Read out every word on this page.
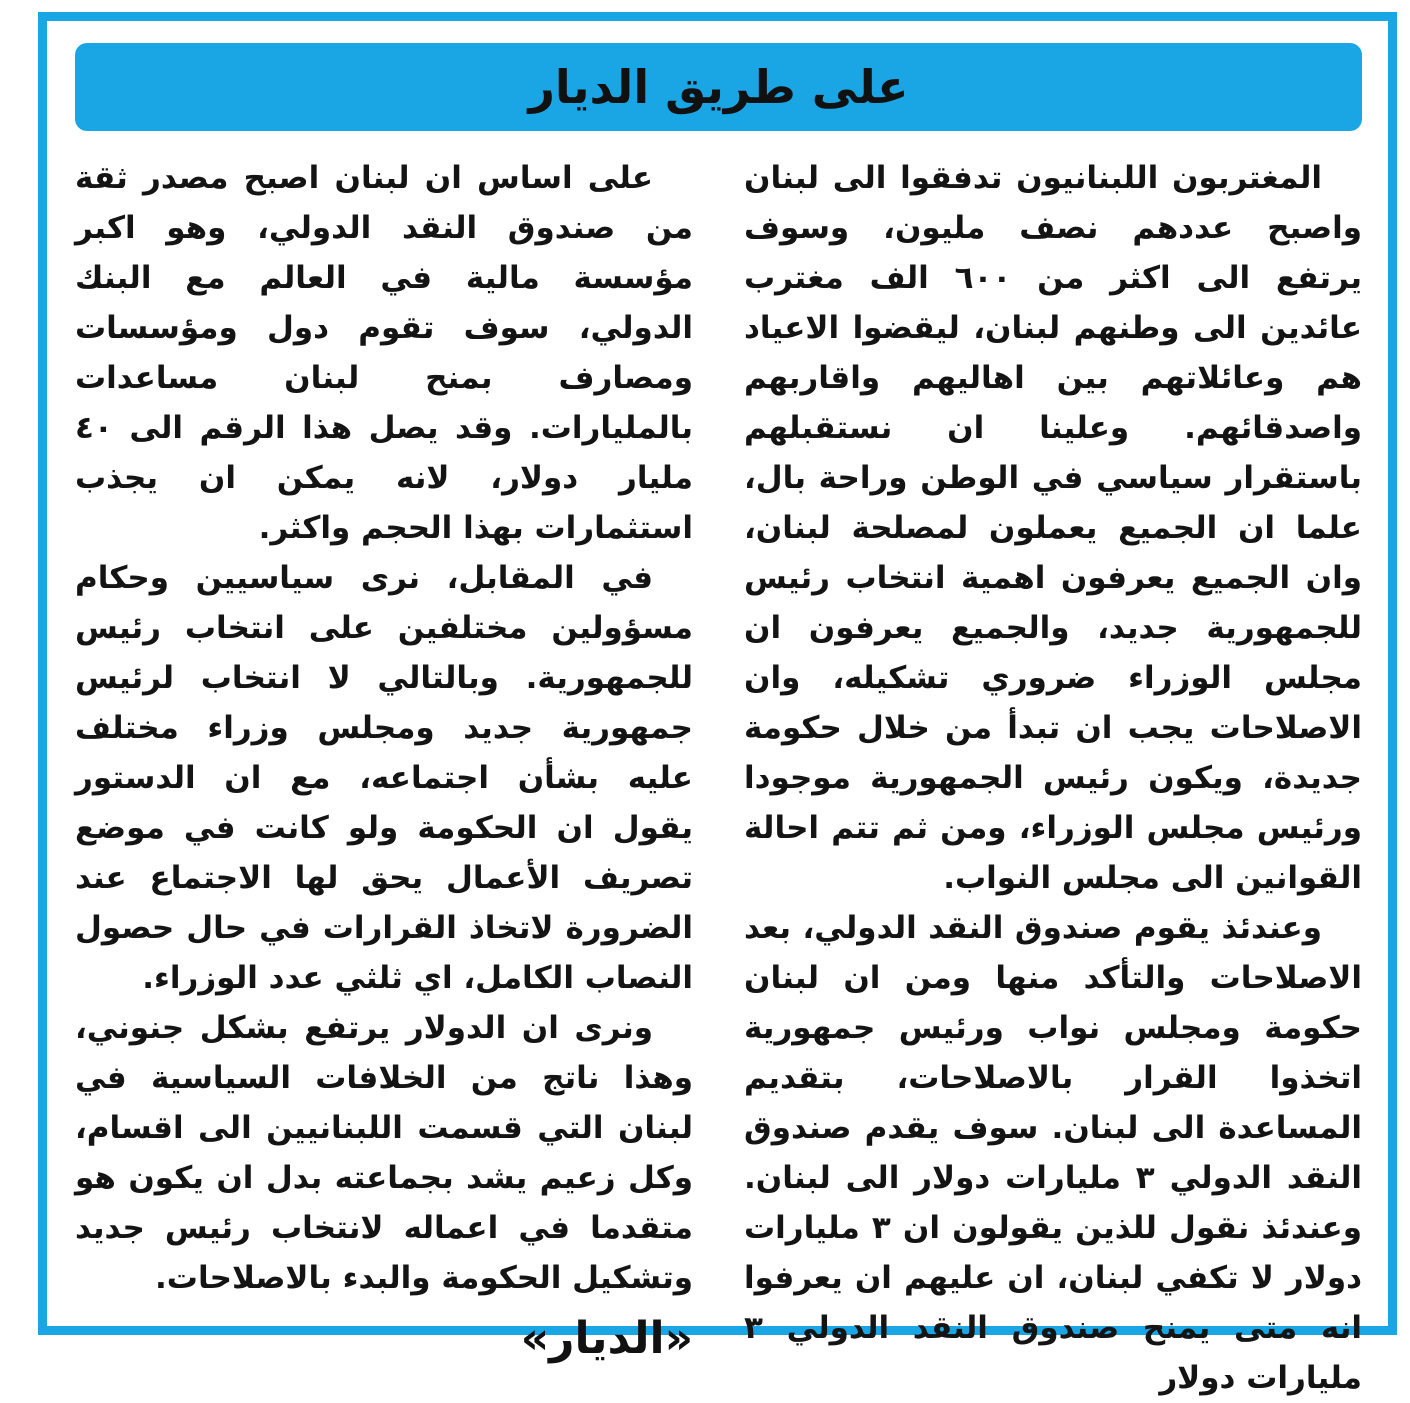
على طريق الديار

المغتربون اللبنانيون تدفقوا الى لبنان واصبح عددهم نصف مليون، وسوف يرتفع الى اكثر من ٦٠٠ الف مغترب عائدين الى وطنهم لبنان، ليقضوا الاعياد هم وعائلاتهم بين اهاليهم واقاربهم واصدقائهم. وعلينا ان نستقبلهم باستقرار سياسي في الوطن وراحة بال، علما ان الجميع يعملون لمصلحة لبنان، وان الجميع يعرفون اهمية انتخاب رئيس للجمهورية جديد، والجميع يعرفون ان مجلس الوزراء ضروري تشكيله، وان الاصلاحات يجب ان تبدأ من خلال حكومة جديدة، ويكون رئيس الجمهورية موجودا ورئيس مجلس الوزراء، ومن ثم تتم احالة القوانين الى مجلس النواب.

وعندئذ يقوم صندوق النقد الدولي، بعد الاصلاحات والتأكد منها ومن ان لبنان حكومة ومجلس نواب ورئيس جمهورية اتخذوا القرار بالاصلاحات، بتقديم المساعدة الى لبنان. سوف يقدم صندوق النقد الدولي ٣ مليارات دولار الى لبنان. وعندئذ نقول للذين يقولون ان ٣ مليارات دولار لا تكفي لبنان، ان عليهم ان يعرفوا انه متى يمنح صندوق النقد الدولي ٣ مليارات دولار

على اساس ان لبنان اصبح مصدر ثقة من صندوق النقد الدولي، وهو اكبر مؤسسة مالية في العالم مع البنك الدولي، سوف تقوم دول ومؤسسات ومصارف بمنح لبنان مساعدات بالمليارات. وقد يصل هذا الرقم الى ٤٠ مليار دولار، لانه يمكن ان يجذب استثمارات بهذا الحجم واكثر.

في المقابل، نرى سياسيين وحكام مسؤولين مختلفين على انتخاب رئيس للجمهورية. وبالتالي لا انتخاب لرئيس جمهورية جديد ومجلس وزراء مختلف عليه بشأن اجتماعه، مع ان الدستور يقول ان الحكومة ولو كانت في موضع تصريف الأعمال يحق لها الاجتماع عند الضرورة لاتخاذ القرارات في حال حصول النصاب الكامل، اي ثلثي عدد الوزراء.

ونرى ان الدولار يرتفع بشكل جنوني، وهذا ناتج من الخلافات السياسية في لبنان التي قسمت اللبنانيين الى اقسام، وكل زعيم يشد بجماعته بدل ان يكون هو متقدما في اعماله لانتخاب رئيس جديد وتشكيل الحكومة والبدء بالاصلاحات.

«الديار»
